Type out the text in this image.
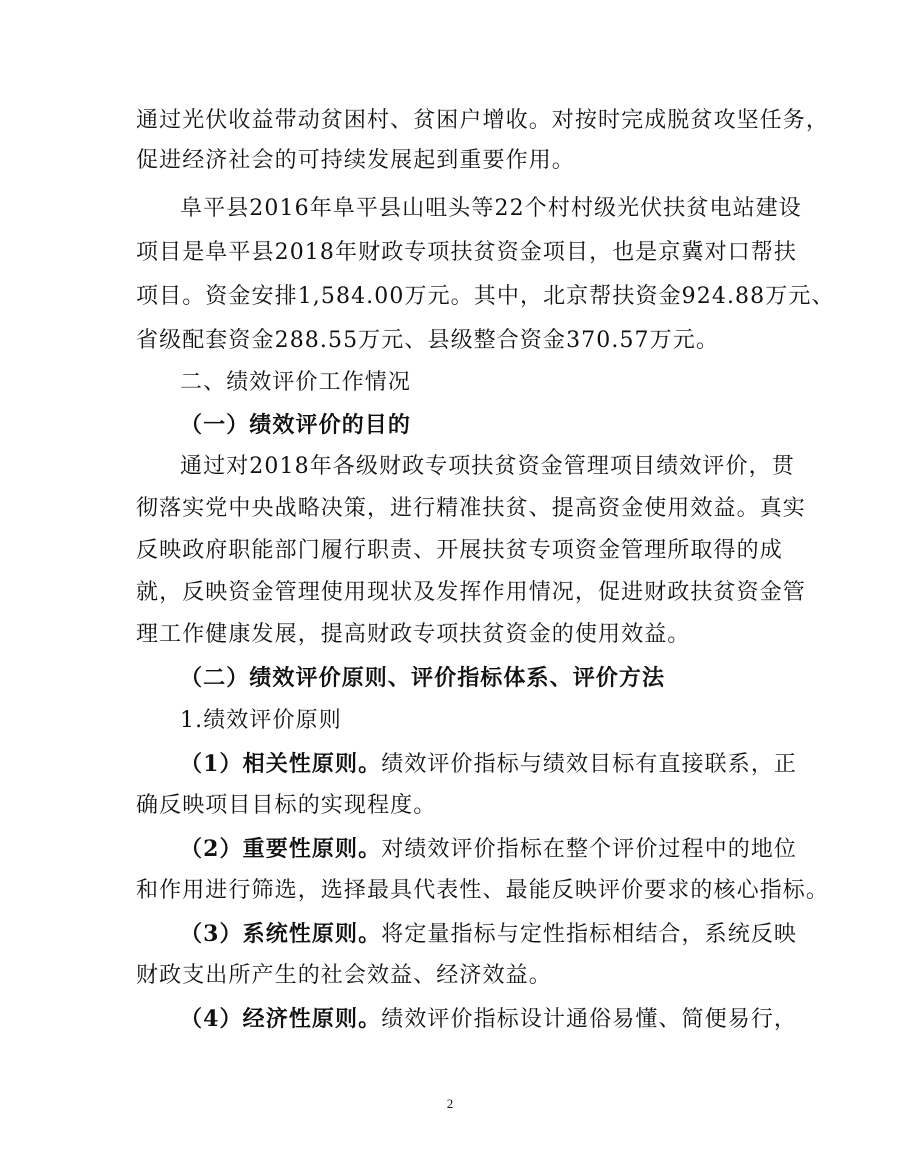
通过光伏收益带动贫困村、贫困户增收。对按时完成脱贫攻坚任务，
促进经济社会的可持续发展起到重要作用。
阜平县2016年阜平县山咀头等22个村村级光伏扶贫电站建设
项目是阜平县2018年财政专项扶贫资金项目，也是京冀对口帮扶
项目。资金安排1,584.00万元。其中，北京帮扶资金924.88万元、
省级配套资金288.55万元、县级整合资金370.57万元。
二、绩效评价工作情况
（一）绩效评价的目的
通过对2018年各级财政专项扶贫资金管理项目绩效评价，贯
彻落实党中央战略决策，进行精准扶贫、提高资金使用效益。真实
反映政府职能部门履行职责、开展扶贫专项资金管理所取得的成
就，反映资金管理使用现状及发挥作用情况，促进财政扶贫资金管
理工作健康发展，提高财政专项扶贫资金的使用效益。
（二）绩效评价原则、评价指标体系、评价方法
1.绩效评价原则
（1）相关性原则。绩效评价指标与绩效目标有直接联系，正
确反映项目目标的实现程度。
（2）重要性原则。对绩效评价指标在整个评价过程中的地位
和作用进行筛选，选择最具代表性、最能反映评价要求的核心指标。
（3）系统性原则。将定量指标与定性指标相结合，系统反映
财政支出所产生的社会效益、经济效益。
（4）经济性原则。绩效评价指标设计通俗易懂、简便易行，
2
